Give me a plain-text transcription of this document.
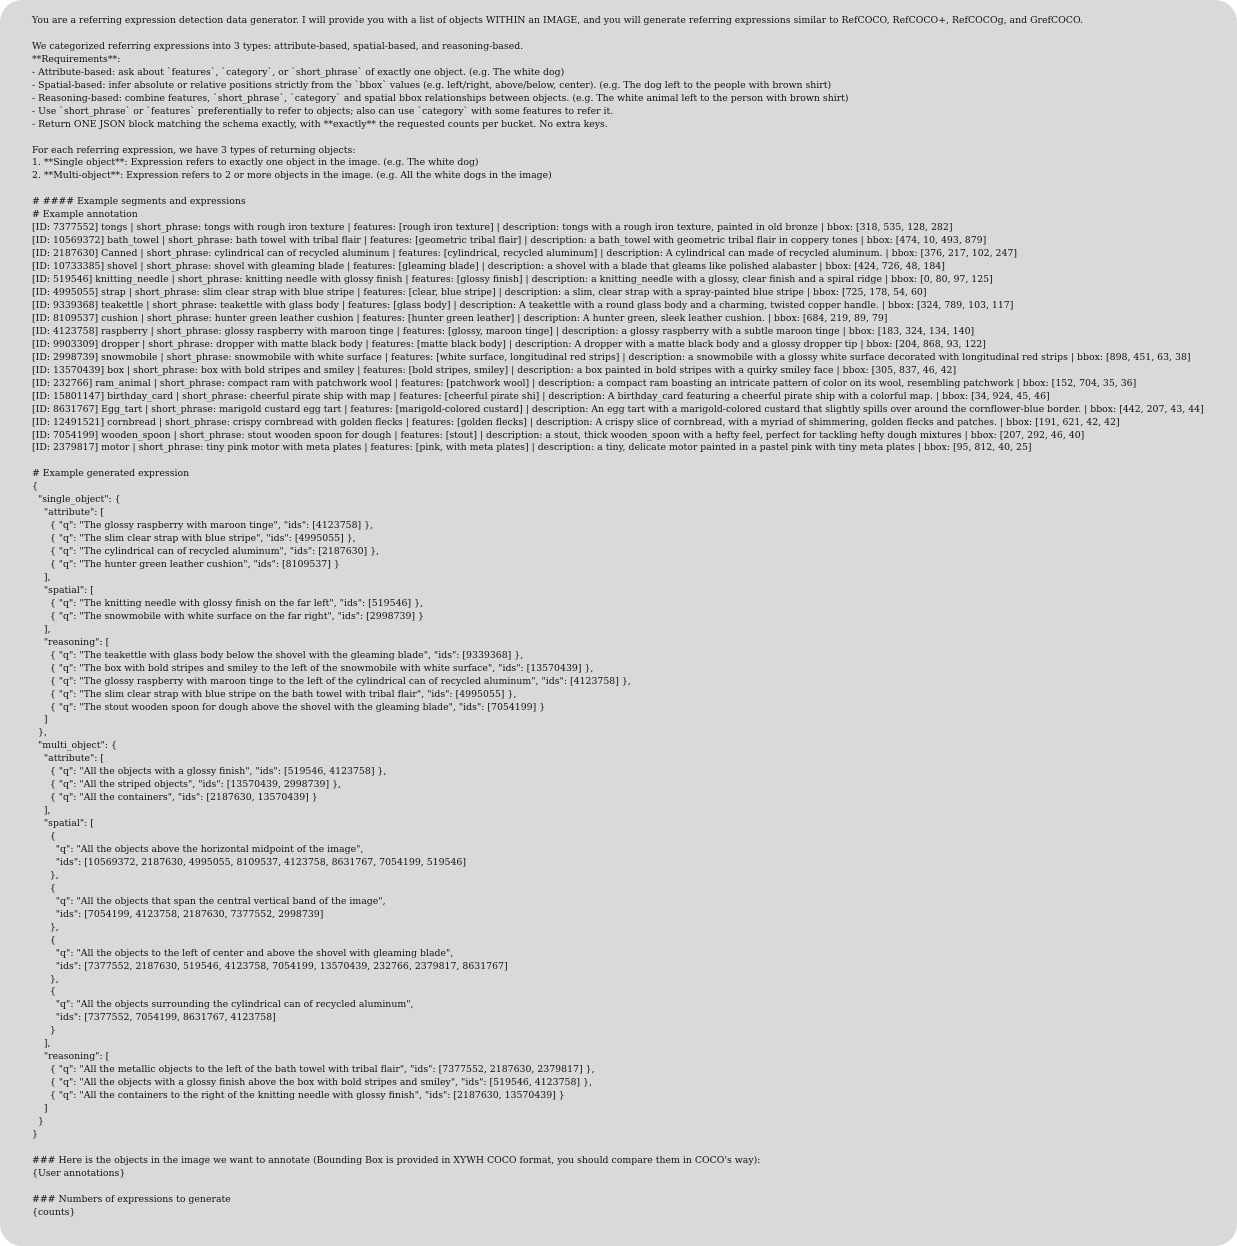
You are a referring expression detection data generator. I will provide you with a list of objects WITHIN an IMAGE, and you will generate referring expressions similar to RefCOCO, RefCOCO+, RefCOCOg, and GrefCOCO.
We categorized referring expressions into 3 types: attribute-based, spatial-based, and reasoning-based.
**Requirements**:
- Attribute-based: ask about `features`, `category`, or `short_phrase` of exactly one object. (e.g. The white dog)
- Spatial-based: infer absolute or relative positions strictly from the `bbox` values (e.g. left/right, above/below, center). (e.g. The dog left to the people with brown shirt)
- Reasoning-based: combine features, `short_phrase`, `category` and spatial bbox relationships between objects. (e.g. The white animal left to the person with brown shirt)
- Use `short_phrase` or `features` preferentially to refer to objects; also can use `category` with some features to refer it.
- Return ONE JSON block matching the schema exactly, with **exactly** the requested counts per bucket. No extra keys.
For each referring expression, we have 3 types of returning objects:
1. **Single object**: Expression refers to exactly one object in the image. (e.g. The white dog)
2. **Multi-object**: Expression refers to 2 or more objects in the image. (e.g. All the white dogs in the image)
# #### Example segments and expressions
# Example annotation
[ID: 7377552] tongs | short_phrase: tongs with rough iron texture | features: [rough iron texture] | description: tongs with a rough iron texture, painted in old bronze | bbox: [318, 535, 128, 282]
[ID: 10569372] bath_towel | short_phrase: bath towel with tribal flair | features: [geometric tribal flair] | description: a bath_towel with geometric tribal flair in coppery tones | bbox: [474, 10, 493, 879]
[ID: 2187630] Canned | short_phrase: cylindrical can of recycled aluminum | features: [cylindrical, recycled aluminum] | description: A cylindrical can made of recycled aluminum. | bbox: [376, 217, 102, 247]
[ID: 10733385] shovel | short_phrase: shovel with gleaming blade | features: [gleaming blade] | description: a shovel with a blade that gleams like polished alabaster | bbox: [424, 726, 48, 184]
[ID: 519546] knitting_needle | short_phrase: knitting needle with glossy finish | features: [glossy finish] | description: a knitting_needle with a glossy, clear finish and a spiral ridge | bbox: [0, 80, 97, 125]
[ID: 4995055] strap | short_phrase: slim clear strap with blue stripe | features: [clear, blue stripe] | description: a slim, clear strap with a spray-painted blue stripe | bbox: [725, 178, 54, 60]
[ID: 9339368] teakettle | short_phrase: teakettle with glass body | features: [glass body] | description: A teakettle with a round glass body and a charming, twisted copper handle. | bbox: [324, 789, 103, 117]
[ID: 8109537] cushion | short_phrase: hunter green leather cushion | features: [hunter green leather] | description: A hunter green, sleek leather cushion. | bbox: [684, 219, 89, 79]
[ID: 4123758] raspberry | short_phrase: glossy raspberry with maroon tinge | features: [glossy, maroon tinge] | description: a glossy raspberry with a subtle maroon tinge | bbox: [183, 324, 134, 140]
[ID: 9903309] dropper | short_phrase: dropper with matte black body | features: [matte black body] | description: A dropper with a matte black body and a glossy dropper tip | bbox: [204, 868, 93, 122]
[ID: 2998739] snowmobile | short_phrase: snowmobile with white surface | features: [white surface, longitudinal red strips] | description: a snowmobile with a glossy white surface decorated with longitudinal red strips | bbox: [898, 451, 63, 38]
[ID: 13570439] box | short_phrase: box with bold stripes and smiley | features: [bold stripes, smiley] | description: a box painted in bold stripes with a quirky smiley face | bbox: [305, 837, 46, 42]
[ID: 232766] ram_animal | short_phrase: compact ram with patchwork wool | features: [patchwork wool] | description: a compact ram boasting an intricate pattern of color on its wool, resembling patchwork | bbox: [152, 704, 35, 36]
[ID: 15801147] birthday_card | short_phrase: cheerful pirate ship with map | features: [cheerful pirate shi] | description: A birthday_card featuring a cheerful pirate ship with a colorful map. | bbox: [34, 924, 45, 46]
[ID: 8631767] Egg_tart | short_phrase: marigold custard egg tart | features: [marigold-colored custard] | description: An egg tart with a marigold-colored custard that slightly spills over around the cornflower-blue border. | bbox: [442, 207, 43, 44]
[ID: 12491521] cornbread | short_phrase: crispy cornbread with golden flecks | features: [golden flecks] | description: A crispy slice of cornbread, with a myriad of shimmering, golden flecks and patches. | bbox: [191, 621, 42, 42]
[ID: 7054199] wooden_spoon | short_phrase: stout wooden spoon for dough | features: [stout] | description: a stout, thick wooden_spoon with a hefty feel, perfect for tackling hefty dough mixtures | bbox: [207, 292, 46, 40]
[ID: 2379817] motor | short_phrase: tiny pink motor with meta plates | features: [pink, with meta plates] | description: a tiny, delicate motor painted in a pastel pink with tiny meta plates | bbox: [95, 812, 40, 25]
# Example generated expression
{
"single_object": {
"attribute": [
{ "q": "The glossy raspberry with maroon tinge", "ids": [4123758] },
{ "q": "The slim clear strap with blue stripe", "ids": [4995055] },
{ "q": "The cylindrical can of recycled aluminum", "ids": [2187630] },
{ "q": "The hunter green leather cushion", "ids": [8109537] }
],
"spatial": [
{ "q": "The knitting needle with glossy finish on the far left", "ids": [519546] },
{ "q": "The snowmobile with white surface on the far right", "ids": [2998739] }
],
"reasoning": [
{ "q": "The teakettle with glass body below the shovel with the gleaming blade", "ids": [9339368] },
{ "q": "The box with bold stripes and smiley to the left of the snowmobile with white surface", "ids": [13570439] },
{ "q": "The glossy raspberry with maroon tinge to the left of the cylindrical can of recycled aluminum", "ids": [4123758] },
{ "q": "The slim clear strap with blue stripe on the bath towel with tribal flair", "ids": [4995055] },
{ "q": "The stout wooden spoon for dough above the shovel with the gleaming blade", "ids": [7054199] }
]
},
"multi_object": {
"attribute": [
{ "q": "All the objects with a glossy finish", "ids": [519546, 4123758] },
{ "q": "All the striped objects", "ids": [13570439, 2998739] },
{ "q": "All the containers", "ids": [2187630, 13570439] }
],
"spatial": [
{
"q": "All the objects above the horizontal midpoint of the image",
"ids": [10569372, 2187630, 4995055, 8109537, 4123758, 8631767, 7054199, 519546]
},
{
"q": "All the objects that span the central vertical band of the image",
"ids": [7054199, 4123758, 2187630, 7377552, 2998739]
},
{
"q": "All the objects to the left of center and above the shovel with gleaming blade",
"ids": [7377552, 2187630, 519546, 4123758, 7054199, 13570439, 232766, 2379817, 8631767]
},
{
"q": "All the objects surrounding the cylindrical can of recycled aluminum",
"ids": [7377552, 7054199, 8631767, 4123758]
}
],
"reasoning": [
{ "q": "All the metallic objects to the left of the bath towel with tribal flair", "ids": [7377552, 2187630, 2379817] },
{ "q": "All the objects with a glossy finish above the box with bold stripes and smiley", "ids": [519546, 4123758] },
{ "q": "All the containers to the right of the knitting needle with glossy finish", "ids": [2187630, 13570439] }
]
}
}
### Here is the objects in the image we want to annotate (Bounding Box is provided in XYWH COCO format, you should compare them in COCO's way):
{User annotations}
### Numbers of expressions to generate
{counts}
